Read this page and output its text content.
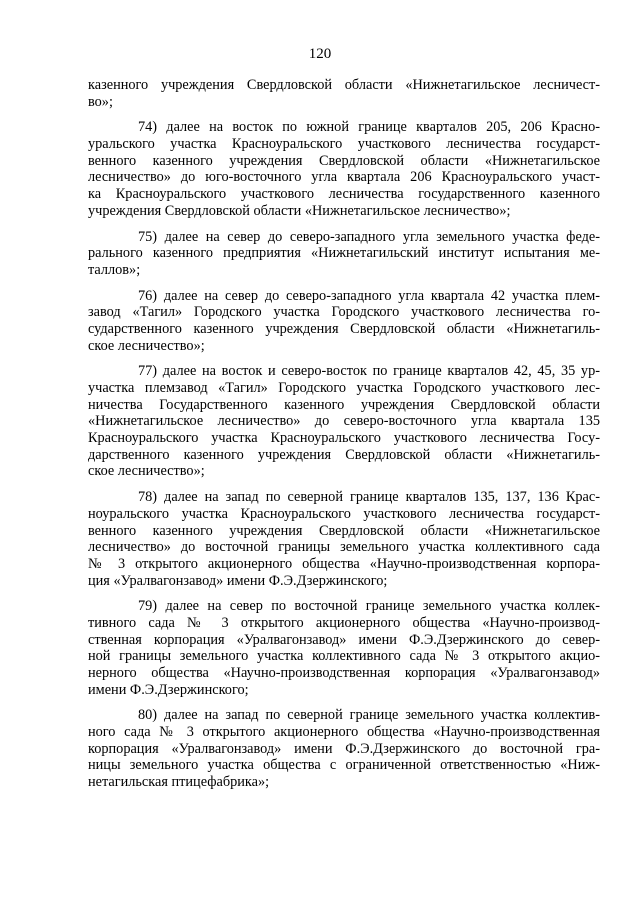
120
казенного учреждения Свердловской области «Нижнетагильское лесничест-
во»;
74) далее на восток по южной границе кварталов 205, 206 Красно-
уральского участка Красноуральского участкового лесничества государст-
венного казенного учреждения Свердловской области «Нижнетагильское
лесничество» до юго-восточного угла квартала 206 Красноуральского участ-
ка Красноуральского участкового лесничества государственного казенного
учреждения Свердловской области «Нижнетагильское лесничество»;
75) далее на север до северо-западного угла земельного участка феде-
рального казенного предприятия «Нижнетагильский институт испытания ме-
таллов»;
76) далее на север до северо-западного угла квартала 42 участка плем-
завод «Тагил» Городского участка Городского участкового лесничества го-
сударственного казенного учреждения Свердловской области «Нижнетагиль-
ское лесничество»;
77) далее на восток и северо-восток по границе кварталов 42, 45, 35 ур-
участка племзавод «Тагил» Городского участка Городского участкового лес-
ничества Государственного казенного учреждения Свердловской области
«Нижнетагильское лесничество» до северо-восточного угла квартала 135
Красноуральского участка Красноуральского участкового лесничества Госу-
дарственного казенного учреждения Свердловской области «Нижнетагиль-
ское лесничество»;
78) далее на запад по северной границе кварталов 135, 137, 136 Крас-
ноуральского участка Красноуральского участкового лесничества государст-
венного казенного учреждения Свердловской области «Нижнетагильское
лесничество» до восточной границы земельного участка коллективного сада
№ 3 открытого акционерного общества «Научно-производственная корпора-
ция «Уралвагонзавод» имени Ф.Э.Дзержинского;
79) далее на север по восточной границе земельного участка коллек-
тивного сада № 3 открытого акционерного общества «Научно-производ-
ственная корпорация «Уралвагонзавод» имени Ф.Э.Дзержинского до север-
ной границы земельного участка коллективного сада № 3 открытого акцио-
нерного общества «Научно-производственная корпорация «Уралвагонзавод»
имени Ф.Э.Дзержинского;
80) далее на запад по северной границе земельного участка коллектив-
ного сада № 3 открытого акционерного общества «Научно-производственная
корпорация «Уралвагонзавод» имени Ф.Э.Дзержинского до восточной гра-
ницы земельного участка общества с ограниченной ответственностью «Ниж-
нетагильская птицефабрика»;
